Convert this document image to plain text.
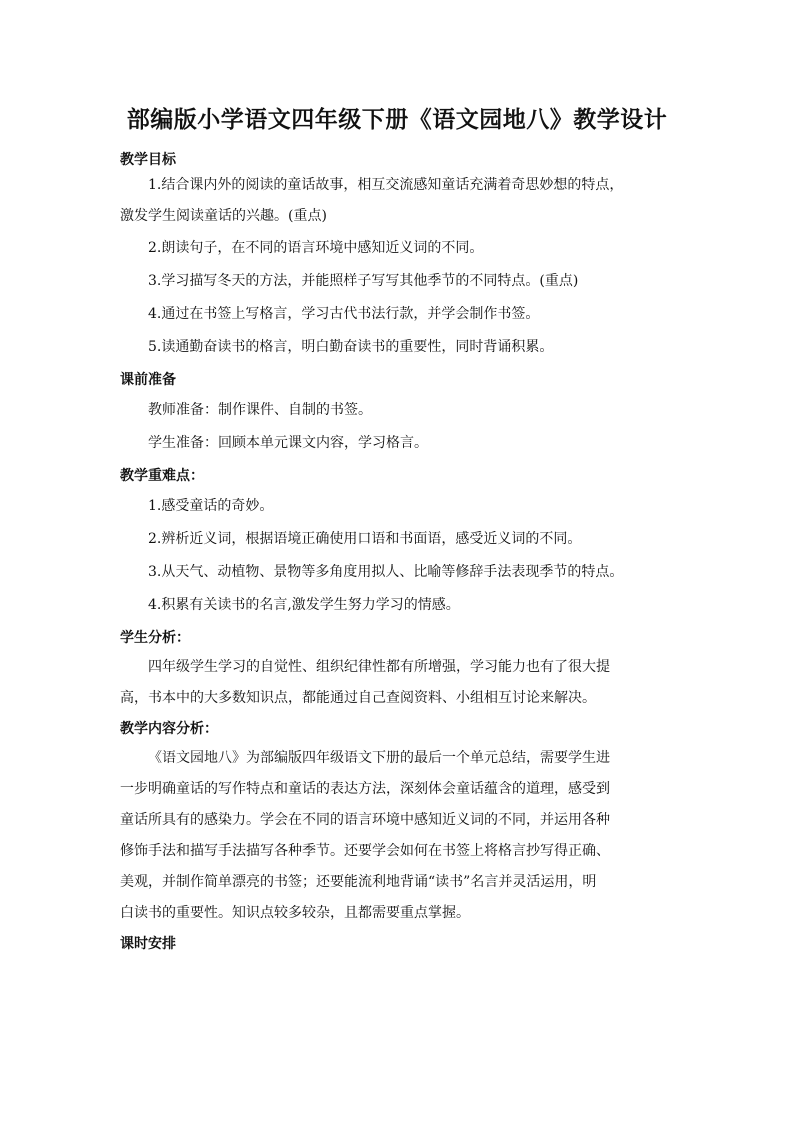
部编版小学语文四年级下册《语文园地八》教学设计

教学目标

1.结合课内外的阅读的童话故事，相互交流感知童话充满着奇思妙想的特点，
激发学生阅读童话的兴趣。(重点)

2.朗读句子，在不同的语言环境中感知近义词的不同。

3.学习描写冬天的方法，并能照样子写写其他季节的不同特点。(重点)

4.通过在书签上写格言，学习古代书法行款，并学会制作书签。

5.读通勤奋读书的格言，明白勤奋读书的重要性，同时背诵积累。

课前准备

教师准备：制作课件、自制的书签。

学生准备：回顾本单元课文内容，学习格言。

教学重难点：

1.感受童话的奇妙。

2.辨析近义词，根据语境正确使用口语和书面语，感受近义词的不同。

3.从天气、动植物、景物等多角度用拟人、比喻等修辞手法表现季节的特点。

4.积累有关读书的名言,激发学生努力学习的情感。

学生分析：

四年级学生学习的自觉性、组织纪律性都有所增强，学习能力也有了很大提
高，书本中的大多数知识点，都能通过自己查阅资料、小组相互讨论来解决。

教学内容分析：

《语文园地八》为部编版四年级语文下册的最后一个单元总结，需要学生进
一步明确童话的写作特点和童话的表达方法，深刻体会童话蕴含的道理，感受到
童话所具有的感染力。学会在不同的语言环境中感知近义词的不同，并运用各种
修饰手法和描写手法描写各种季节。还要学会如何在书签上将格言抄写得正确、
美观，并制作简单漂亮的书签；还要能流利地背诵“读书”名言并灵活运用，明
白读书的重要性。知识点较多较杂，且都需要重点掌握。

课时安排
